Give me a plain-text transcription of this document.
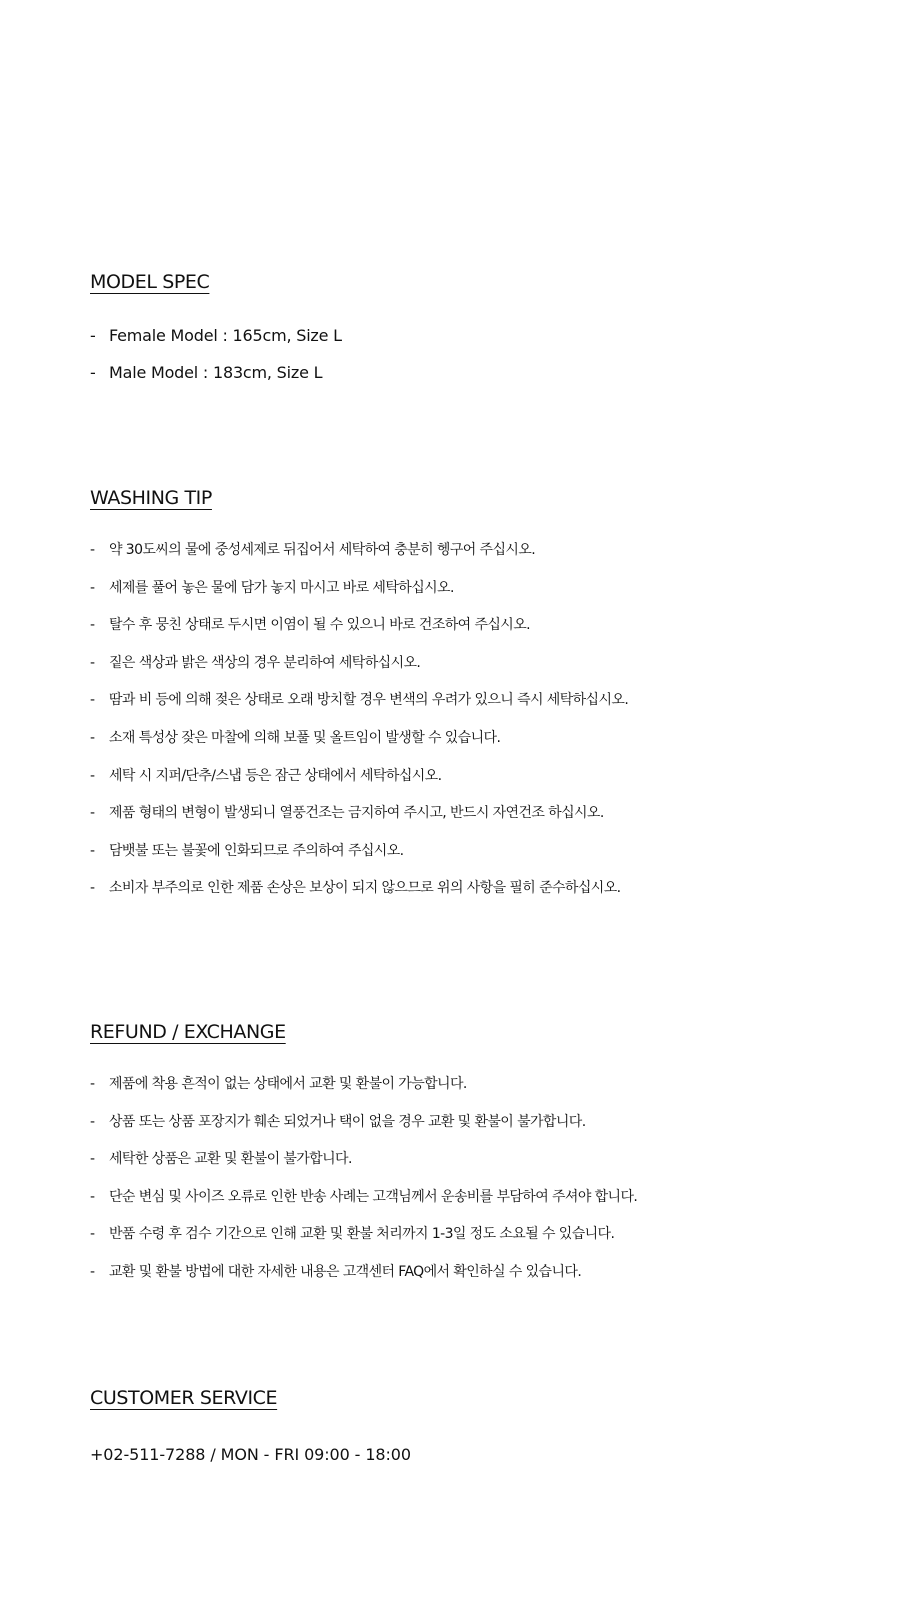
MODEL SPEC
- Female Model : 165cm, Size L
- Male Model : 183cm, Size L
WASHING TIP
- 약 30도씨의 물에 중성세제로 뒤집어서 세탁하여 충분히 헹구어 주십시오.
- 세제를 풀어 놓은 물에 담가 놓지 마시고 바로 세탁하십시오.
- 탈수 후 뭉친 상태로 두시면 이염이 될 수 있으니 바로 건조하여 주십시오.
- 짙은 색상과 밝은 색상의 경우 분리하여 세탁하십시오.
- 땀과 비 등에 의해 젖은 상태로 오래 방치할 경우 변색의 우려가 있으니 즉시 세탁하십시오.
- 소재 특성상 잦은 마찰에 의해 보풀 및 올트임이 발생할 수 있습니다.
- 세탁 시 지퍼/단추/스냅 등은 잠근 상태에서 세탁하십시오.
- 제품 형태의 변형이 발생되니 열풍건조는 금지하여 주시고, 반드시 자연건조 하십시오.
- 담뱃불 또는 불꽃에 인화되므로 주의하여 주십시오.
- 소비자 부주의로 인한 제품 손상은 보상이 되지 않으므로 위의 사항을 필히 준수하십시오.
REFUND / EXCHANGE
- 제품에 착용 흔적이 없는 상태에서 교환 및 환불이 가능합니다.
- 상품 또는 상품 포장지가 훼손 되었거나 택이 없을 경우 교환 및 환불이 불가합니다.
- 세탁한 상품은 교환 및 환불이 불가합니다.
- 단순 변심 및 사이즈 오류로 인한 반송 사례는 고객님께서 운송비를 부담하여 주셔야 합니다.
- 반품 수령 후 검수 기간으로 인해 교환 및 환불 처리까지 1-3일 정도 소요될 수 있습니다.
- 교환 및 환불 방법에 대한 자세한 내용은 고객센터 FAQ에서 확인하실 수 있습니다.
CUSTOMER SERVICE
+02-511-7288 / MON - FRI 09:00 - 18:00
